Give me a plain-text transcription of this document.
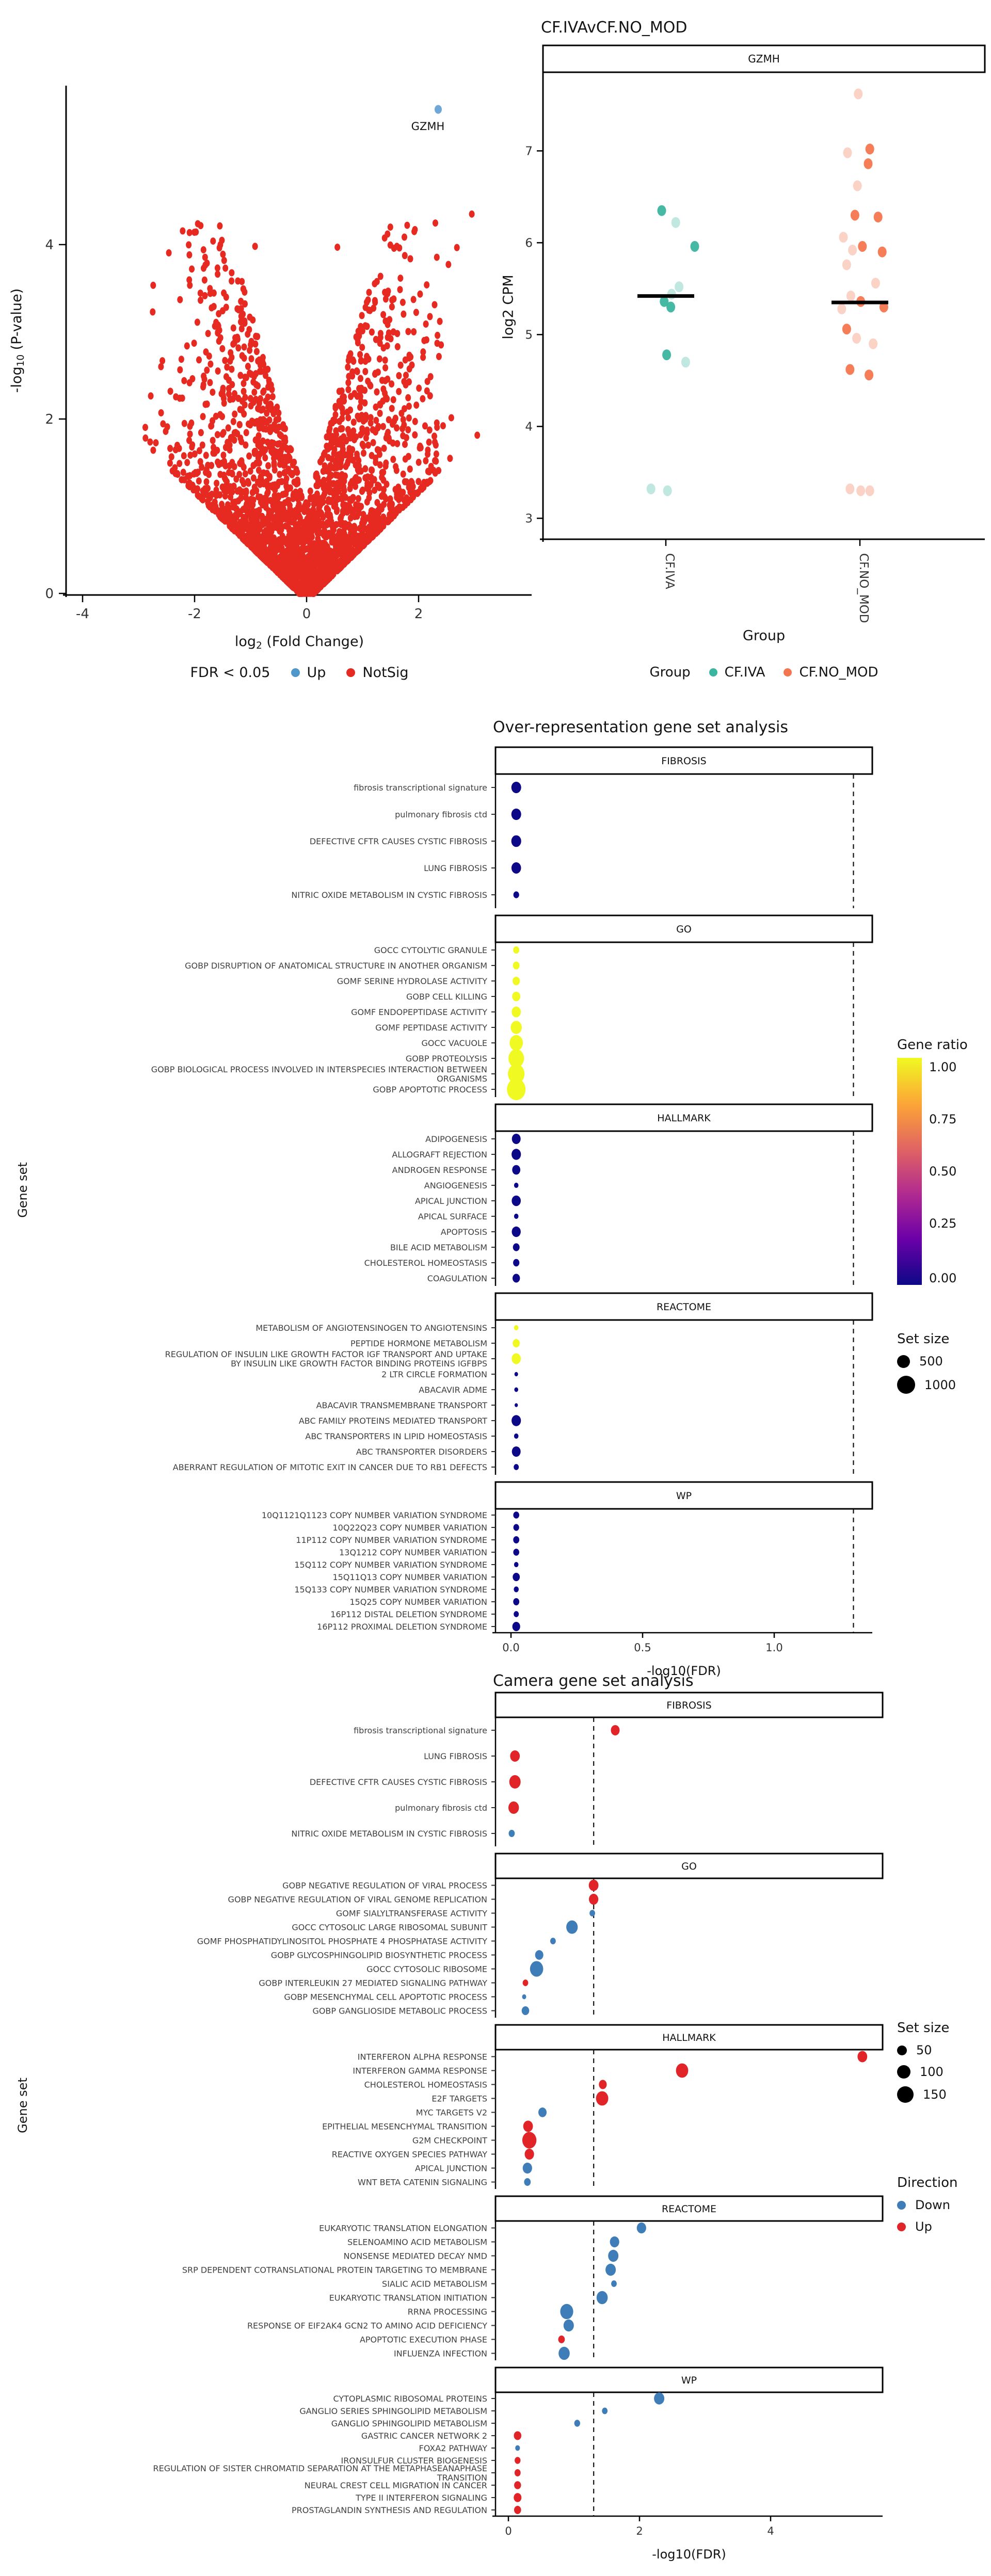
0
2
4
-4	-2	0	2
GZMH
GZMH
3
4
5
6
7
CF.IVA	CF.NO_MOD
FIBROSIS
fibrosis transcriptional signature
pulmonary fibrosis ctd
DEFECTIVE CFTR CAUSES CYSTIC FIBROSIS
LUNG FIBROSIS
NITRIC OXIDE METABOLISM IN CYSTIC FIBROSIS
GO
GOCC CYTOLYTIC GRANULE
GOBP DISRUPTION OF ANATOMICAL STRUCTURE IN ANOTHER ORGANISM
GOMF SERINE HYDROLASE ACTIVITY
GOBP CELL KILLING
GOMF ENDOPEPTIDASE ACTIVITY
GOMF PEPTIDASE ACTIVITY
GOCC VACUOLE
GOBP PROTEOLYSIS
GOBP BIOLOGICAL PROCESS INVOLVED IN INTERSPECIES INTERACTION BETWEEN
ORGANISMS
GOBP APOPTOTIC PROCESS
HALLMARK
ADIPOGENESIS
ALLOGRAFT REJECTION
ANDROGEN RESPONSE
ANGIOGENESIS
APICAL JUNCTION
APICAL SURFACE
APOPTOSIS
BILE ACID METABOLISM
CHOLESTEROL HOMEOSTASIS
COAGULATION
REACTOME
METABOLISM OF ANGIOTENSINOGEN TO ANGIOTENSINS
PEPTIDE HORMONE METABOLISM
REGULATION OF INSULIN LIKE GROWTH FACTOR IGF TRANSPORT AND UPTAKE
BY INSULIN LIKE GROWTH FACTOR BINDING PROTEINS IGFBPS
2 LTR CIRCLE FORMATION
ABACAVIR ADME
ABACAVIR TRANSMEMBRANE TRANSPORT
ABC FAMILY PROTEINS MEDIATED TRANSPORT
ABC TRANSPORTERS IN LIPID HOMEOSTASIS
ABC TRANSPORTER DISORDERS
ABERRANT REGULATION OF MITOTIC EXIT IN CANCER DUE TO RB1 DEFECTS
WP
10Q1121Q1123 COPY NUMBER VARIATION SYNDROME
10Q22Q23 COPY NUMBER VARIATION
11P112 COPY NUMBER VARIATION SYNDROME
13Q1212 COPY NUMBER VARIATION
15Q112 COPY NUMBER VARIATION SYNDROME
15Q11Q13 COPY NUMBER VARIATION
15Q133 COPY NUMBER VARIATION SYNDROME
15Q25 COPY NUMBER VARIATION
16P112 DISTAL DELETION SYNDROME
16P112 PROXIMAL DELETION SYNDROME
0.0	0.5	1.0
FIBROSIS
fibrosis transcriptional signature
LUNG FIBROSIS
DEFECTIVE CFTR CAUSES CYSTIC FIBROSIS
pulmonary fibrosis ctd
NITRIC OXIDE METABOLISM IN CYSTIC FIBROSIS
GO
GOBP NEGATIVE REGULATION OF VIRAL PROCESS
GOBP NEGATIVE REGULATION OF VIRAL GENOME REPLICATION
GOMF SIALYLTRANSFERASE ACTIVITY
GOCC CYTOSOLIC LARGE RIBOSOMAL SUBUNIT
GOMF PHOSPHATIDYLINOSITOL PHOSPHATE 4 PHOSPHATASE ACTIVITY
GOBP GLYCOSPHINGOLIPID BIOSYNTHETIC PROCESS
GOCC CYTOSOLIC RIBOSOME
GOBP INTERLEUKIN 27 MEDIATED SIGNALING PATHWAY
GOBP MESENCHYMAL CELL APOPTOTIC PROCESS
GOBP GANGLIOSIDE METABOLIC PROCESS
HALLMARK
INTERFERON ALPHA RESPONSE
INTERFERON GAMMA RESPONSE
CHOLESTEROL HOMEOSTASIS
E2F TARGETS
MYC TARGETS V2
EPITHELIAL MESENCHYMAL TRANSITION
G2M CHECKPOINT
REACTIVE OXYGEN SPECIES PATHWAY
APICAL JUNCTION
WNT BETA CATENIN SIGNALING
REACTOME
EUKARYOTIC TRANSLATION ELONGATION
SELENOAMINO ACID METABOLISM
NONSENSE MEDIATED DECAY NMD
SRP DEPENDENT COTRANSLATIONAL PROTEIN TARGETING TO MEMBRANE
SIALIC ACID METABOLISM
EUKARYOTIC TRANSLATION INITIATION
RRNA PROCESSING
RESPONSE OF EIF2AK4 GCN2 TO AMINO ACID DEFICIENCY
APOPTOTIC EXECUTION PHASE
INFLUENZA INFECTION
WP
CYTOPLASMIC RIBOSOMAL PROTEINS
GANGLIO SERIES SPHINGOLIPID METABOLISM
GANGLIO SPHINGOLIPID METABOLISM
GASTRIC CANCER NETWORK 2
FOXA2 PATHWAY
IRONSULFUR CLUSTER BIOGENESIS
REGULATION OF SISTER CHROMATID SEPARATION AT THE METAPHASEANAPHASE
TRANSITION
NEURAL CREST CELL MIGRATION IN CANCER
TYPE II INTERFERON SIGNALING
PROSTAGLANDIN SYNTHESIS AND REGULATION
0	2	4
$-\log_{10}$ (P-value)
$\log_2$ (Fold Change)
FDR < 0.05	Up	NotSig
CF.IVAvCF.NO_MOD
log2 CPM
Group
Group	CF.IVA	CF.NO_MOD
Over-representation gene set analysis
Gene set
-log10(FDR)
Gene ratio
1.00
0.75
0.50
0.25
0.00
Set size
500
1000
Camera gene set analysis
Gene set
-log10(FDR)
Set size
50
100
150
Direction
Down
Up
